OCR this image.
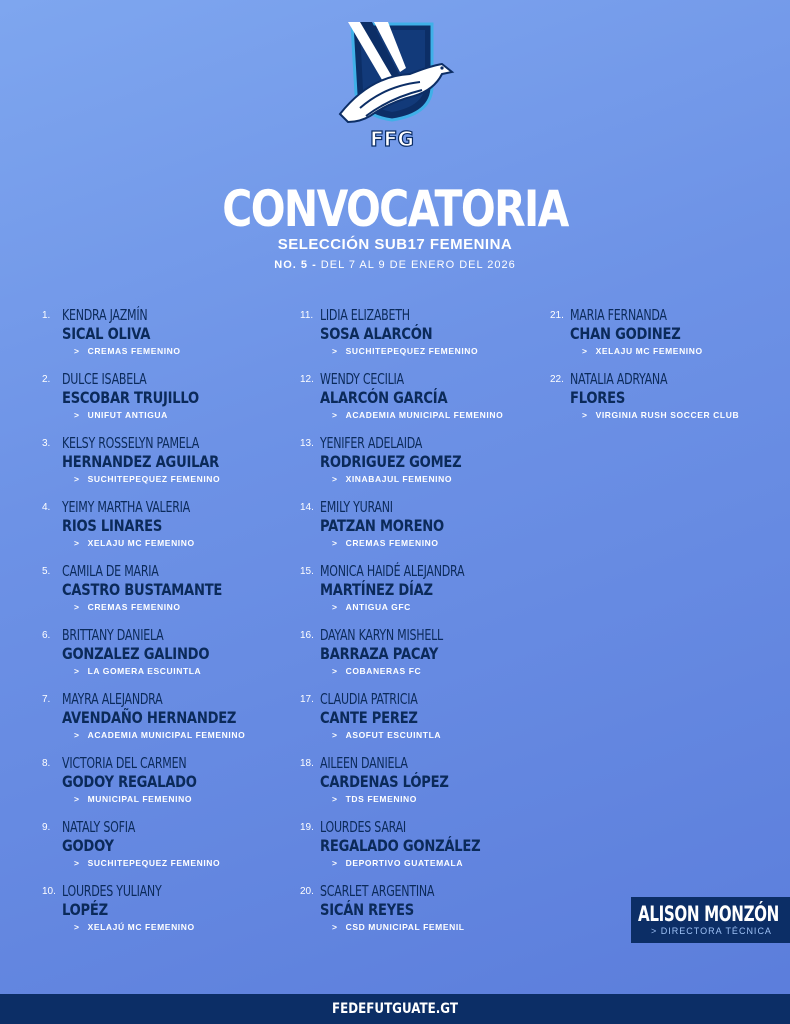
FFG
CONVOCATORIA
SELECCIÓN SUB17 FEMENINA
NO. 5 - DEL 7 AL 9 DE ENERO DEL 2026
1. KENDRA JAZMÍN
SICAL OLIVA
> CREMAS FEMENINO
2. DULCE ISABELA
ESCOBAR TRUJILLO
> UNIFUT ANTIGUA
3. KELSY ROSSELYN PAMELA
HERNANDEZ AGUILAR
> SUCHITEPEQUEZ FEMENINO
4. YEIMY MARTHA VALERIA
RIOS LINARES
> XELAJU MC FEMENINO
5. CAMILA DE MARIA
CASTRO BUSTAMANTE
> CREMAS FEMENINO
6. BRITTANY DANIELA
GONZALEZ GALINDO
> LA GOMERA ESCUINTLA
7. MAYRA ALEJANDRA
AVENDAÑO HERNANDEZ
> ACADEMIA MUNICIPAL FEMENINO
8. VICTORIA DEL CARMEN
GODOY REGALADO
> MUNICIPAL FEMENINO
9. NATALY SOFIA
GODOY
> SUCHITEPEQUEZ FEMENINO
10. LOURDES YULIANY
LOPÉZ
> XELAJÚ MC FEMENINO
11. LIDIA ELIZABETH
SOSA ALARCÓN
> SUCHITEPEQUEZ FEMENINO
12. WENDY CECILIA
ALARCÓN GARCÍA
> ACADEMIA MUNICIPAL FEMENINO
13. YENIFER ADELAIDA
RODRIGUEZ GOMEZ
> XINABAJUL FEMENINO
14. EMILY YURANI
PATZAN MORENO
> CREMAS FEMENINO
15. MONICA HAIDÉ ALEJANDRA
MARTÍNEZ DÍAZ
> ANTIGUA GFC
16. DAYAN KARYN MISHELL
BARRAZA PACAY
> COBANERAS FC
17. CLAUDIA PATRICIA
CANTE PEREZ
> ASOFUT ESCUINTLA
18. AILEEN DANIELA
CARDENAS LÓPEZ
> TDS FEMENINO
19. LOURDES SARAI
REGALADO GONZÁLEZ
> DEPORTIVO GUATEMALA
20. SCARLET ARGENTINA
SICÁN REYES
> CSD MUNICIPAL FEMENIL
21. MARIA FERNANDA
CHAN GODINEZ
> XELAJU MC FEMENINO
22. NATALIA ADRYANA
FLORES
> VIRGINIA RUSH SOCCER CLUB
ALISON MONZÓN
> DIRECTORA TÉCNICA
FEDEFUTGUATE.GT
